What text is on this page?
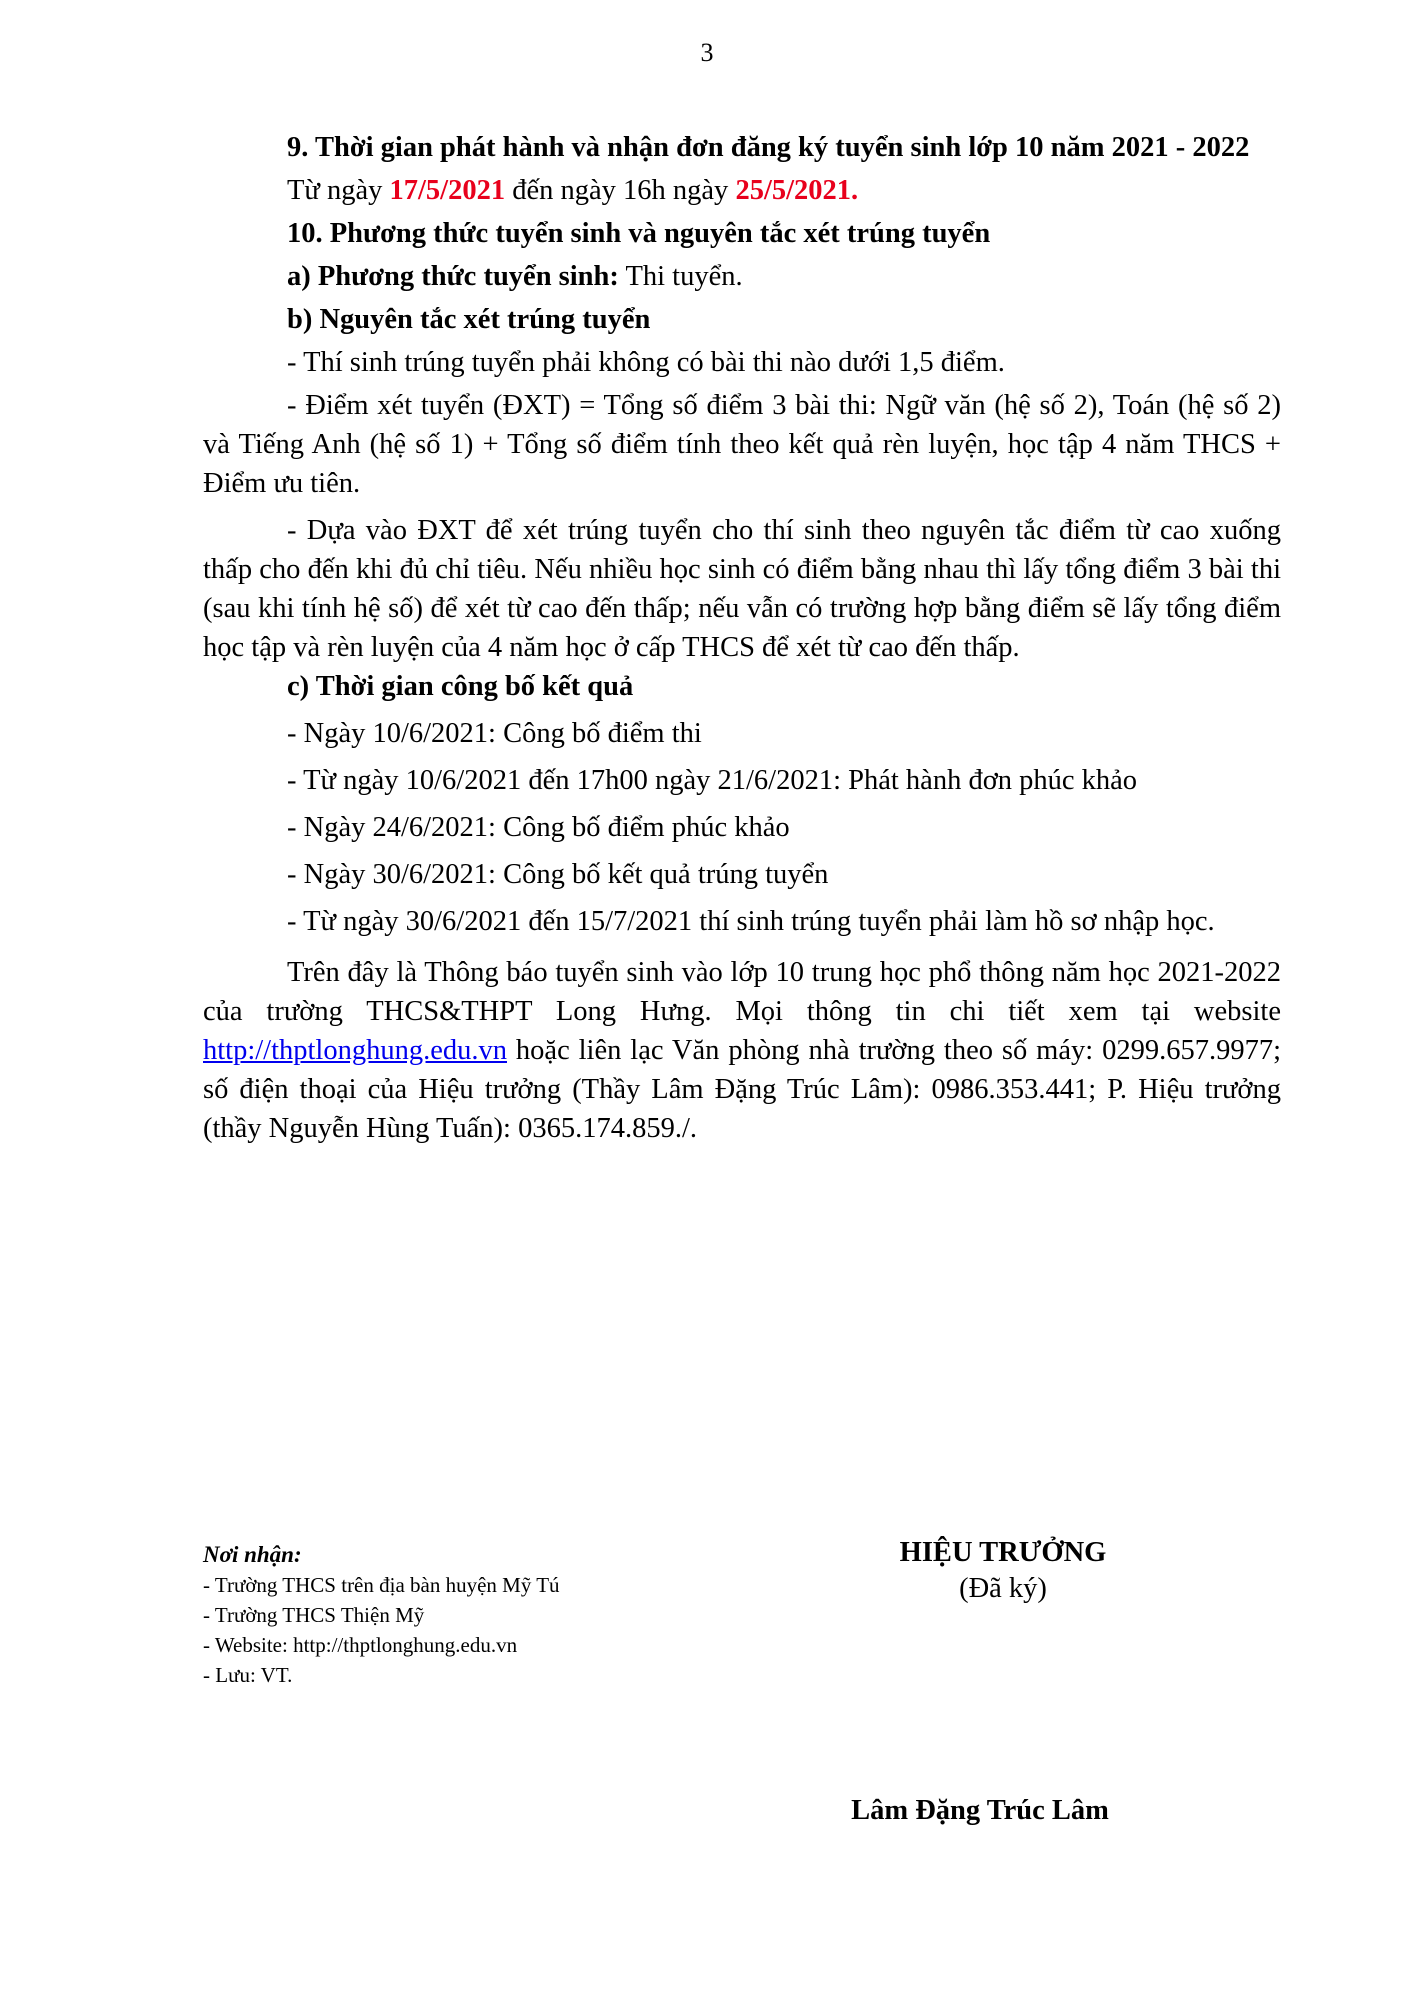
3

9. Thời gian phát hành và nhận đơn đăng ký tuyển sinh lớp 10 năm 2021 - 2022

Từ ngày 17/5/2021 đến ngày 16h ngày 25/5/2021.

10. Phương thức tuyển sinh và nguyên tắc xét trúng tuyển

a) Phương thức tuyển sinh: Thi tuyển.

b) Nguyên tắc xét trúng tuyển

- Thí sinh trúng tuyển phải không có bài thi nào dưới 1,5 điểm.

- Điểm xét tuyển (ĐXT) = Tổng số điểm 3 bài thi: Ngữ văn (hệ số 2), Toán (hệ số 2) và Tiếng Anh (hệ số 1) + Tổng số điểm tính theo kết quả rèn luyện, học tập 4 năm THCS + Điểm ưu tiên.

- Dựa vào ĐXT để xét trúng tuyển cho thí sinh theo nguyên tắc điểm từ cao xuống thấp cho đến khi đủ chỉ tiêu. Nếu nhiều học sinh có điểm bằng nhau thì lấy tổng điểm 3 bài thi (sau khi tính hệ số) để xét từ cao đến thấp; nếu vẫn có trường hợp bằng điểm sẽ lấy tổng điểm học tập và rèn luyện của 4 năm học ở cấp THCS để xét từ cao đến thấp.

c) Thời gian công bố kết quả

- Ngày 10/6/2021: Công bố điểm thi

- Từ ngày 10/6/2021 đến 17h00 ngày 21/6/2021: Phát hành đơn phúc khảo

- Ngày 24/6/2021: Công bố điểm phúc khảo

- Ngày 30/6/2021: Công bố kết quả trúng tuyển

- Từ ngày 30/6/2021 đến 15/7/2021 thí sinh trúng tuyển phải làm hồ sơ nhập học.

Trên đây là Thông báo tuyển sinh vào lớp 10 trung học phổ thông năm học 2021-2022 của trường THCS&THPT Long Hưng. Mọi thông tin chi tiết xem tại website http://thptlonghung.edu.vn hoặc liên lạc Văn phòng nhà trường theo số máy: 0299.657.9977; số điện thoại của Hiệu trưởng (Thầy Lâm Đặng Trúc Lâm): 0986.353.441; P. Hiệu trưởng (thầy Nguyễn Hùng Tuấn): 0365.174.859./.

Nơi nhận:
- Trường THCS trên địa bàn huyện Mỹ Tú
- Trường THCS Thiện Mỹ
- Website: http://thptlonghung.edu.vn
- Lưu: VT.
HIỆU TRƯỞNG
(Đã ký)
Lâm Đặng Trúc Lâm
